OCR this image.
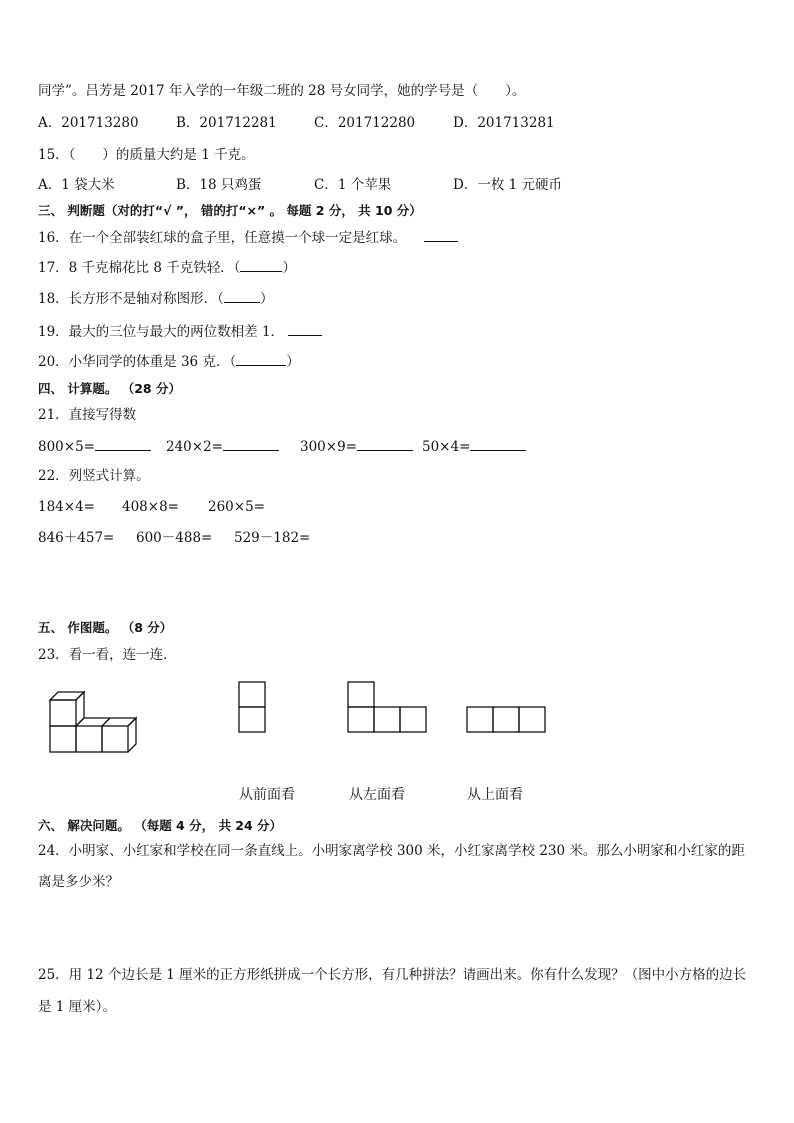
同学”。吕芳是 2017 年入学的一年级二班的 28 号女同学，她的学号是（　　）。
A．201713280	B．201712281	C．201712280	D．201713281
15．（　　）的质量大约是 1 千克。
A．1 袋大米	B．18 只鸡蛋	C．1 个苹果	D．一枚 1 元硬币
三、 判断题（对的打“√ ”， 错的打“×” 。 每题 2 分， 共 10 分）
16．在一个全部装红球的盒子里，任意摸一个球一定是红球。
17．8 千克棉花比 8 千克铁轻．（	）
18．长方形不是轴对称图形．（	）
19．最大的三位与最大的两位数相差 1．
20．小华同学的体重是 36 克．（	）
四、 计算题。 （28 分）
21．直接写得数
800×5=	240×2=	300×9=	50×4=
22．列竖式计算。
184×4= 408×8= 260×5=
846＋457= 600－488= 529－182=
五、 作图题。 （8 分）
23．看一看，连一连．
从前面看	从左面看	从上面看
六、 解决问题。 （每题 4 分， 共 24 分）
24．小明家、小红家和学校在同一条直线上。小明家离学校 300 米，小红家离学校 230 米。那么小明家和小红家的距
离是多少米？
25．用 12 个边长是 1 厘米的正方形纸拼成一个长方形，有几种拼法？请画出来。你有什么发现？（图中小方格的边长
是 1 厘米）。
